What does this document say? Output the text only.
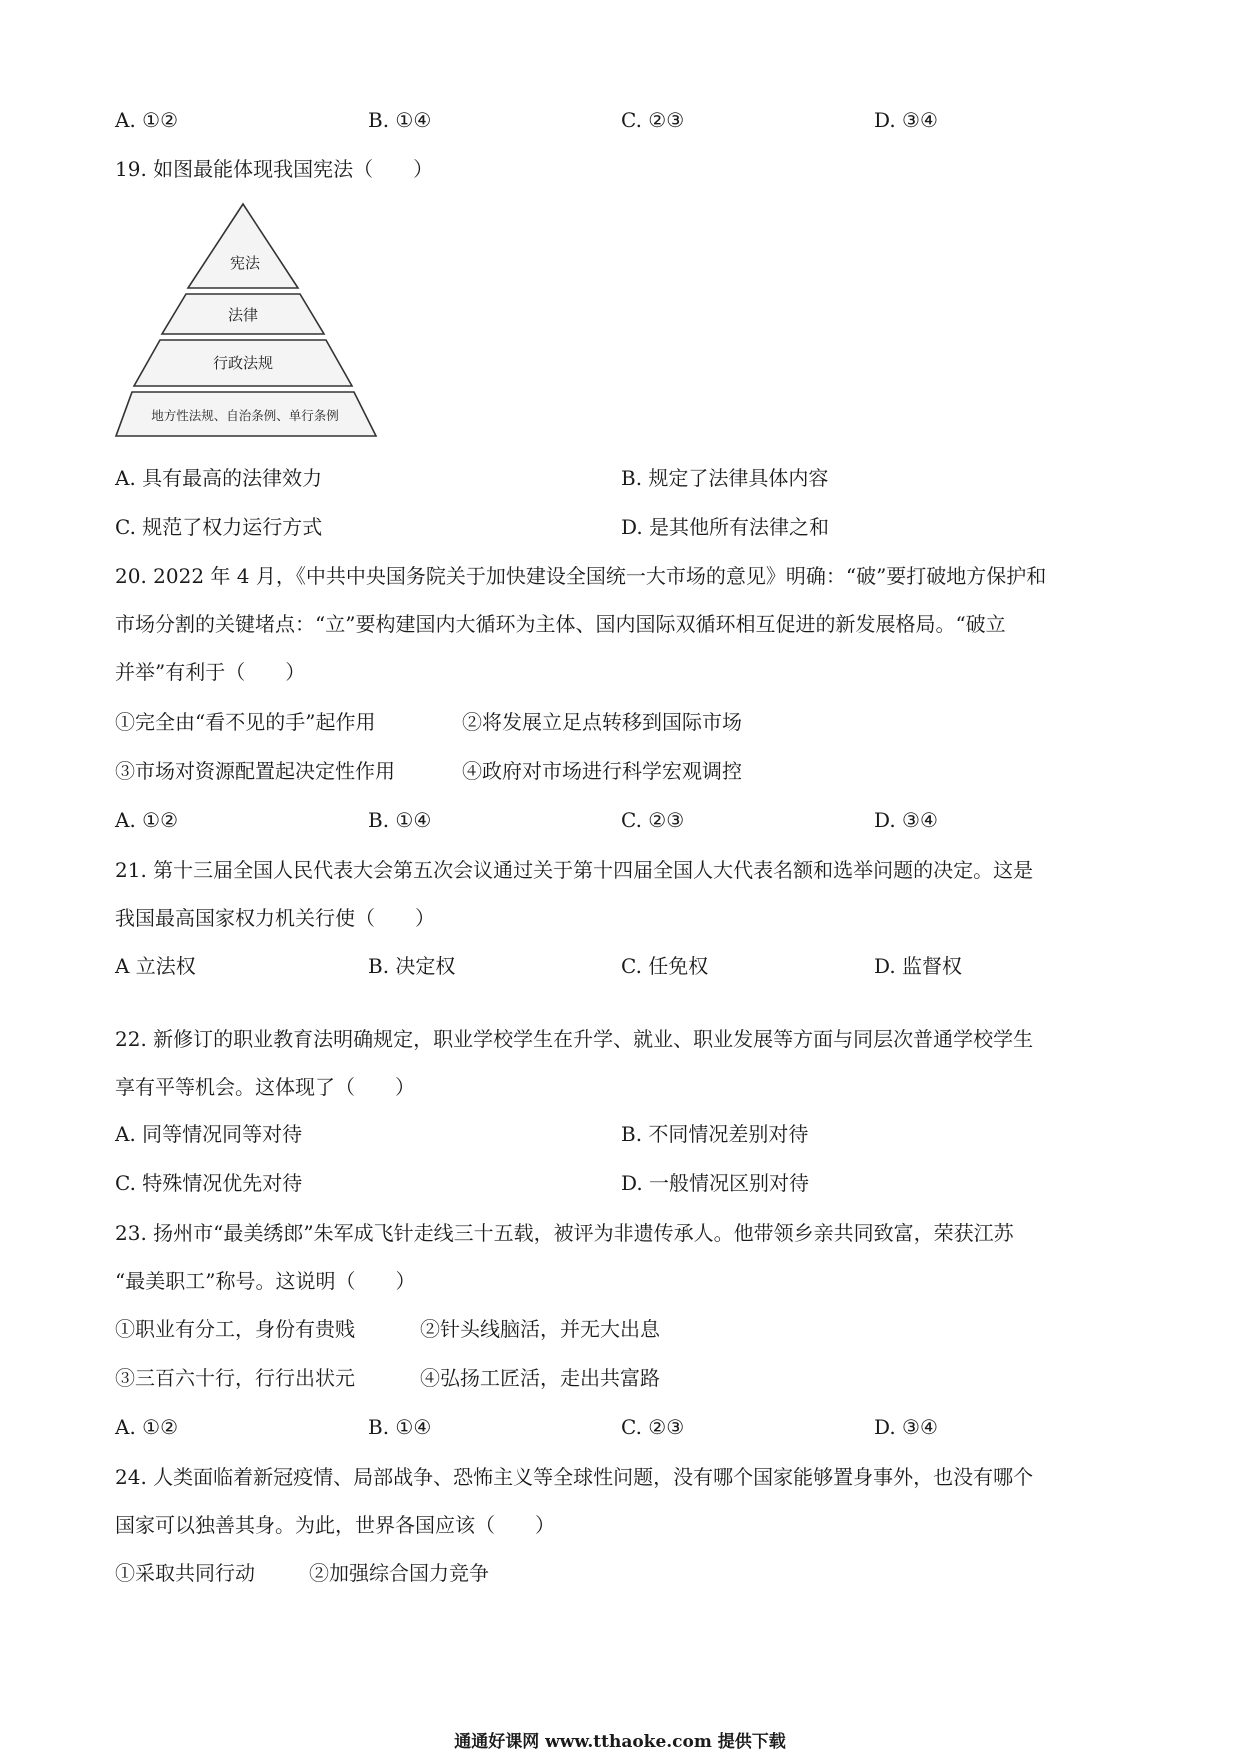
A. ①②	B. ①④	C. ②③	D. ③④
19. 如图最能体现我国宪法（　　）
宪法
法律
行政法规
地方性法规、自治条例、单行条例
A. 具有最高的法律效力	B. 规定了法律具体内容
C. 规范了权力运行方式	D. 是其他所有法律之和
20. 2022 年 4 月，《中共中央国务院关于加快建设全国统一大市场的意见》明确：“破”要打破地方保护和
市场分割的关键堵点：“立”要构建国内大循环为主体、国内国际双循环相互促进的新发展格局。“破立
并举”有利于（　　）
①完全由“看不见的手”起作用	②将发展立足点转移到国际市场
③市场对资源配置起决定性作用	④政府对市场进行科学宏观调控
A. ①②	B. ①④	C. ②③	D. ③④
21. 第十三届全国人民代表大会第五次会议通过关于第十四届全国人大代表名额和选举问题的决定。这是
我国最高国家权力机关行使（　　）
A 立法权	B. 决定权	C. 任免权	D. 监督权
22. 新修订的职业教育法明确规定，职业学校学生在升学、就业、职业发展等方面与同层次普通学校学生
享有平等机会。这体现了（　　）
A. 同等情况同等对待	B. 不同情况差别对待
C. 特殊情况优先对待	D. 一般情况区别对待
23. 扬州市“最美绣郎”朱军成飞针走线三十五载，被评为非遗传承人。他带领乡亲共同致富，荣获江苏
“最美职工”称号。这说明（　　）
①职业有分工，身份有贵贱	②针头线脑活，并无大出息
③三百六十行，行行出状元	④弘扬工匠活，走出共富路
A. ①②	B. ①④	C. ②③	D. ③④
24. 人类面临着新冠疫情、局部战争、恐怖主义等全球性问题，没有哪个国家能够置身事外，也没有哪个
国家可以独善其身。为此，世界各国应该（　　）
①采取共同行动	②加强综合国力竞争
通通好课网 www.tthaoke.com 提供下载
